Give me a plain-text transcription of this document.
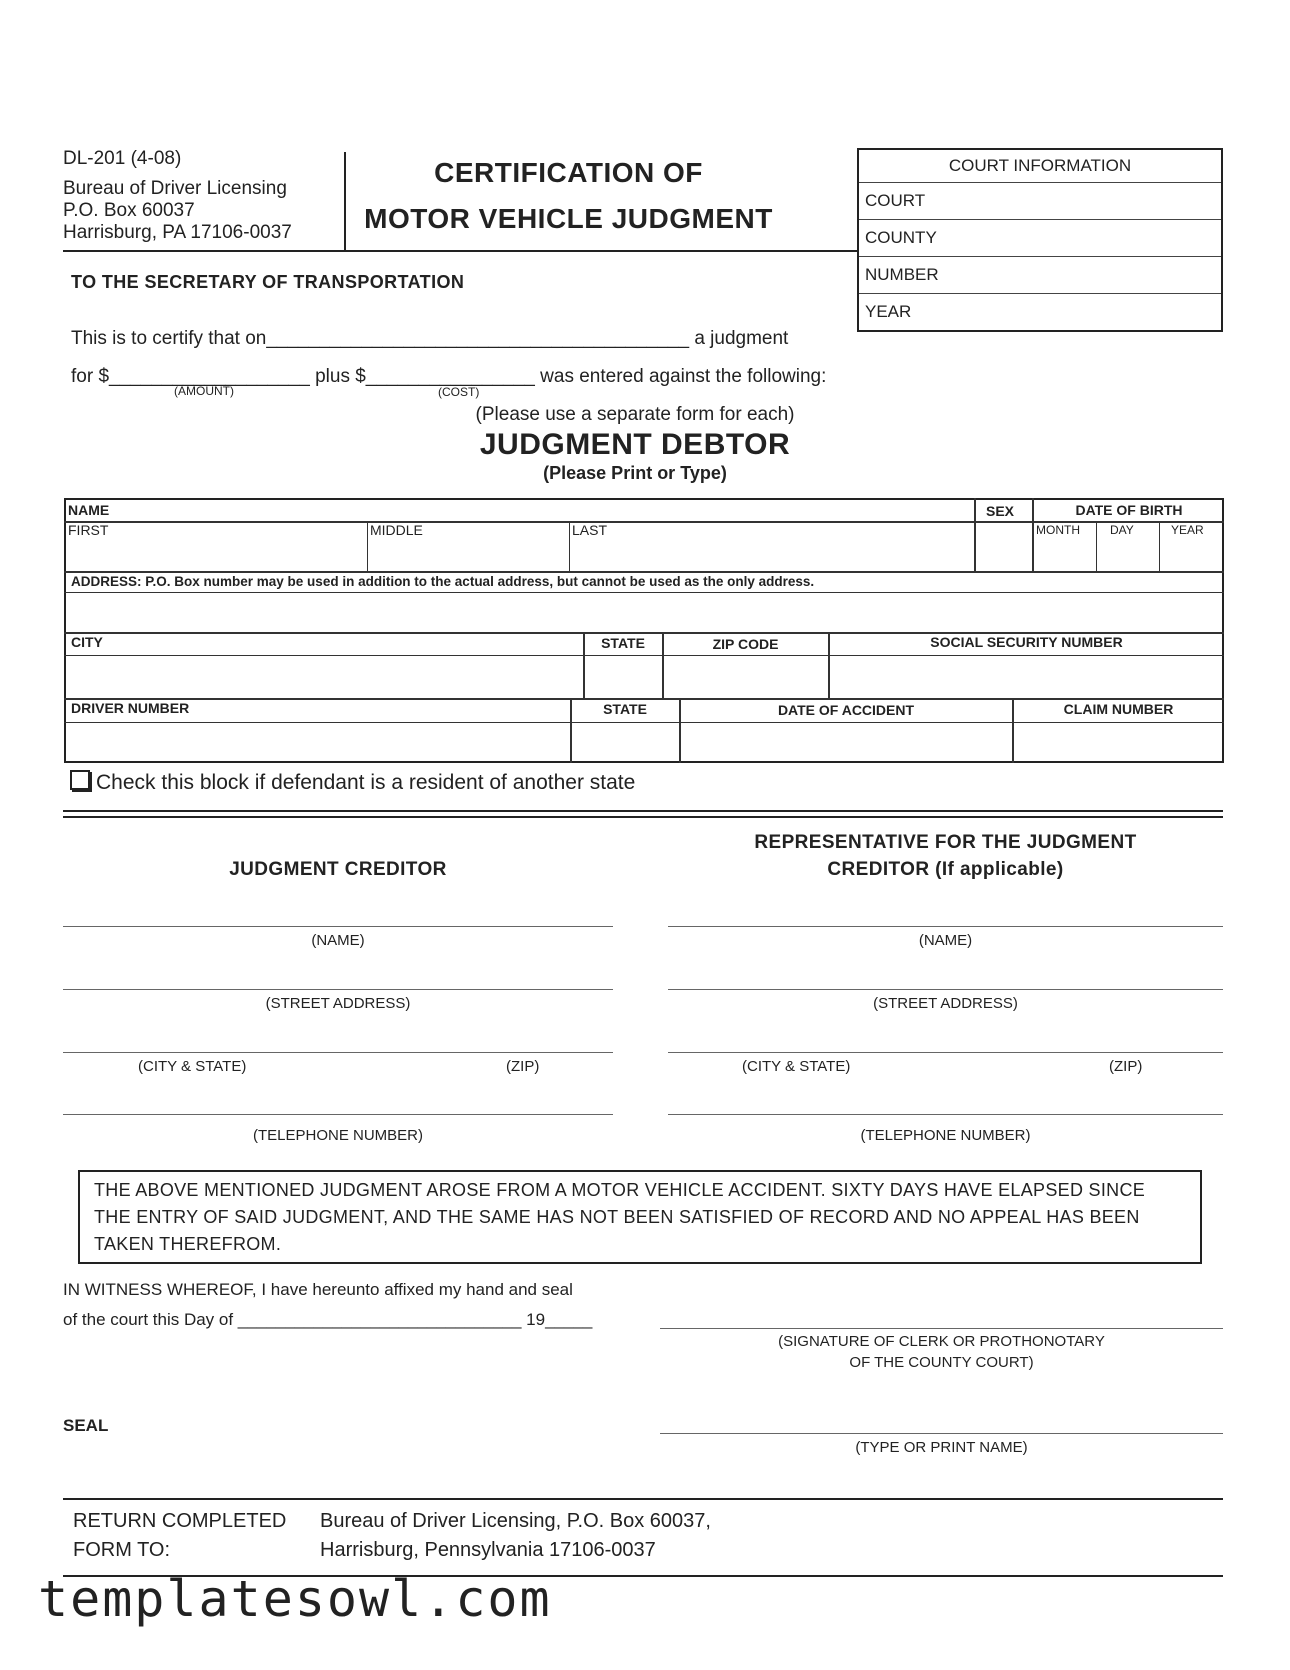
DL-201 (4-08)
Bureau of Driver Licensing
P.O. Box 60037
Harrisburg, PA 17106-0037
CERTIFICATION OF
MOTOR VEHICLE JUDGMENT
COURT INFORMATION
COURT
COUNTY
NUMBER
YEAR
TO THE SECRETARY OF TRANSPORTATION
This is to certify that on________________________________________ a judgment
for $___________________ plus $________________ was entered against the following:
(AMOUNT)	(COST)
(Please use a separate form for each)
JUDGMENT DEBTOR
(Please Print or Type)
NAME	SEX	DATE OF BIRTH
FIRST	MIDDLE	LAST	MONTH	DAY	YEAR
ADDRESS: P.O. Box number may be used in addition to the actual address, but cannot be used as the only address.
CITY	STATE	ZIP CODE	SOCIAL SECURITY NUMBER
DRIVER NUMBER	STATE	DATE OF ACCIDENT	CLAIM NUMBER
Check this block if defendant is a resident of another state
JUDGMENT CREDITOR
REPRESENTATIVE FOR THE JUDGMENT
CREDITOR (If applicable)
(NAME)
(STREET ADDRESS)
(CITY & STATE)	(ZIP)
(TELEPHONE NUMBER)
(NAME)
(STREET ADDRESS)
(CITY & STATE)	(ZIP)
(TELEPHONE NUMBER)
THE ABOVE MENTIONED JUDGMENT AROSE FROM A MOTOR VEHICLE ACCIDENT. SIXTY DAYS HAVE ELAPSED SINCE THE ENTRY OF SAID JUDGMENT, AND THE SAME HAS NOT BEEN SATISFIED OF RECORD AND NO APPEAL HAS BEEN TAKEN THEREFROM.
IN WITNESS WHEREOF, I have hereunto affixed my hand and seal
of the court this Day of ______________________________ 19_____
(SIGNATURE OF CLERK OR PROTHONOTARY
OF THE COUNTY COURT)
SEAL
(TYPE OR PRINT NAME)
RETURN COMPLETED
FORM TO:
Bureau of Driver Licensing, P.O. Box 60037,
Harrisburg, Pennsylvania 17106-0037
templatesowl.com
